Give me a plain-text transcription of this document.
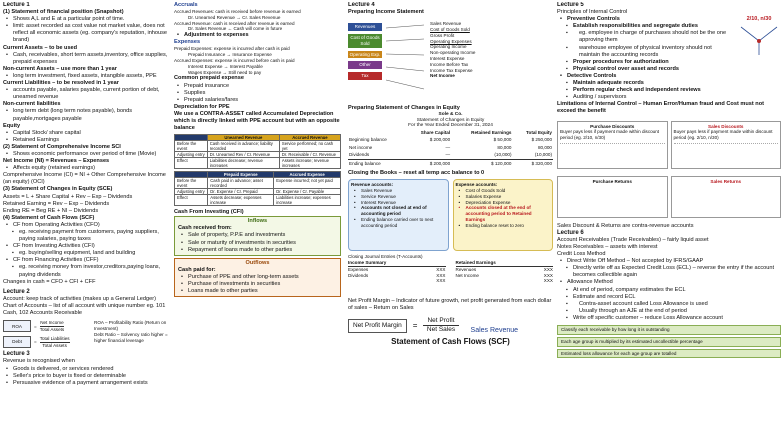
Lecture 1
(1) Statement of financial position (Snapshot)
• Shows A,L and E at a particular point of time.
• limit: asset recorded as cost value not market value, does not reflect all economic assets (eg. company's reputation, inhouse brand)
Current Assets – to be used
• Cash, receivables, short term assets,inventory, office supplies, prepaid expenses
Non-current Assets – use more than 1 year
• long term investment, fixed assets, intangible assets, PPE
Current Liabilities – to be resolved in 1 year
• accounts payable, salaries payable, current portion of debt, unearned revenue
Non-current liabilities
• long term debt (long term notes payable), bonds payable,mortgages payable
Equity
• Capital Stock/ share capital
• Retained Earnings
(2) Statement of Comprehensive Income SCI
• Shows economic performance over period of time (Movie)
Net Income (NI) = Revenues – Expenses
• Affects equity (retained earnings)
Comprehensive Income (CI) = NI + Other Comprehensive Income (an equity) (OCI)
(3) Statement of Changes in Equity (SCE)
Assets = L + Share Capital + Rev – Exp – Dividends
Retained Earning = Rev – Exp – Dividends
Ending RE = Beg RE + NI – Dividends
(4) Statement of Cash Flows (SCF)
• CF from Operating Activities (CFO)
▪ eg. receiving payment from customers, paying suppliers, paying salaries, paying taxes
• CF from Investing Activities (CFI)
▪ eg. buying/selling equipment, land and building
• CF from Financing Activities (CFF)
▪ eg. receiving money from investor,creditors,paying loans, paying dividends
Changes in cash = CFO + CFI + CFF
Lecture 2
Account: keep track of activities (makes up a General Ledger)
Chart of Accounts – list of all account with unique number eg. 101 Cash, 102 Accounts Receivable
ROA	=
Net Income
Total Assets
Debt	=
Total Liabilities
Total Assets
ROA – Profitability Ratio (Return on Investment)
Debt Ratio – Solvency ratio higher = higher financial leverage
Lecture 3
Revenue is recognised when
• Goods is delivered, or services rendered
• Seller's price to buyer is fixed or determinable
• Persuasive evidence of a payment arrangement exists
Accruals
Accrued Revenues: cash is received before revenue is earned
Dr. Unearned Revenue → Cr. Sales Revenue
Accrued Revenue: cash is received after revenue is earned
Dr. Sales Revenue ← Cash will come in future
• Adjustment to expenses
Expenses
Prepaid Expenses: expense is incurred after cash is paid
Prepaid Insurance → Insurance Expense
Accrued Expenses: expense is incurred before cash is paid
Interest Expense → Interest Payable
Wages Expense → Still need to pay
Common prepaid expense
• Prepaid insurance
• Supplies
• Prepaid salaries/fares
Depreciation for PPE
We use a CONTRA-ASSET called Accumulated Depreciation which is directly linked with PPE account but with an opposite balance
	Unearned Revenue	Accrued Revenue
Before the event	Cash received in advance; liability recorded	Service performed; no cash yet
Adjusting entry	Dr. Unearned Rev / Cr. Revenue	Dr. Receivable / Cr. Revenue
Effect	Liabilities decrease; revenue increases	Assets increase; revenue increases
	Prepaid Expense	Accrued Expense
Before the event	Cash paid in advance; asset recorded	Expense incurred; not yet paid
Adjusting entry	Dr. Expense / Cr. Prepaid	Dr. Expense / Cr. Payable
Effect	Assets decrease; expenses increase	Liabilities increase; expenses increase
Cash From Investing (CFI)
Inflows
Cash received from:
• Sale of property, P.P.E and investments
• Sale or maturity of investments in securities
• Repayment of loans made to other parties
Outflows
Cash paid for:
• Purchase of PPE and other long-term assets
• Purchase of investments in securities
• Loans made to other parties
Lecture 4
Preparing Income Statement
Revenues
Cost of Goods Sold
Operating Exp.
Other
Tax
Sales Revenue
Cost of Goods Sold
Gross Profit
Operating Expenses
Operating Income
Non-operating Income
Interest Expense
Income Before Tax
Income Tax Expense
Net Income
Preparing Statement of Changes in Equity
Sole & Co.
Statement of Changes in Equity
For the Year Ended December 31, 2024
	Share Capital	Retained Earnings	Total Equity
Beginning balance	$ 200,000	$ 50,000	$ 250,000
Net income	—	80,000	80,000
Dividends	—	(10,000)	(10,000)
Ending balance	$ 200,000	$ 120,000	$ 320,000
Closing the Books – reset all temp acc balance to 0
Revenue accounts:
• Sales Revenue
• Service Revenue
• Interest Revenue
• Accounts not closed at end of accounting period
• Ending balance carried over to next accounting period
Expense accounts:
• Cost of Goods Sold
• Salaries Expense
• Depreciation Expense
• Accounts closed at the end of accounting period to Retained Earnings
• Ending balance reset to zero
Closing Journal Entries (T-Accounts)
Income Summary
Expenses	XXX
Dividends	XXX
XXX
Retained Earnings
Revenues	XXX
Net Income	XXX
XXX
Net Profit Margin – Indicator of future growth, net profit generated from each dollar of sales – Return on Sales
Net Profit Margin	=
Net Profit
Net Sales	Sales Revenue
Statement of Cash Flows (SCF)
Lecture 5
Principles of Internal Control
• Preventive Controls
▪ Establish responsibilities and segregate duties
▪ eg. employee in charge of purchases should not be the one approving them
▪ warehouse employee of physical inventory should not maintain the accounting records
▪ Proper procedures for authorization
▪ Physical control over asset and records
• Detective Controls
▪ Maintain adequate records
▪ Perform regular check and independent reviews
▪ Auditing / supervisors
2/10, n/30
Limitations of Internal Control – Human Error/Human fraud and Cost must not exceed the benefit
Purchase Discounts
Buyer pays less if payment made within discount period (eg. 2/10, n/30)
Sales Discounts
Buyer pays less if payment made within discount period (eg. 2/10, n/30)
Purchase Returns	Sales Returns
Sales Discount & Returns are contra-revenue accounts
Lecture 6
Account Receivables (Trade Receivables) – fairly liquid asset
Notes Receivables – assets with interest
Credit Loss Method
• Direct Write Off Method – Not accepted by IFRS/GAAP
▪ Directly write off as Expected Credit Loss (ECL) – reverse the entry if the account becomes collectible again
• Allowance Method
▪ At end of period, company estimates the ECL
▪ Estimate and record ECL
▪ Contra-asset account called Loss Allowance is used
▪ Usually through an AJE at the end of period
▪ Write off specific customer – reduce Loss Allowance account
Classify each receivable by how long it is outstanding
Each age group is multiplied by its estimated uncollectible percentage
Estimated loss allowance for each age group are totalled
